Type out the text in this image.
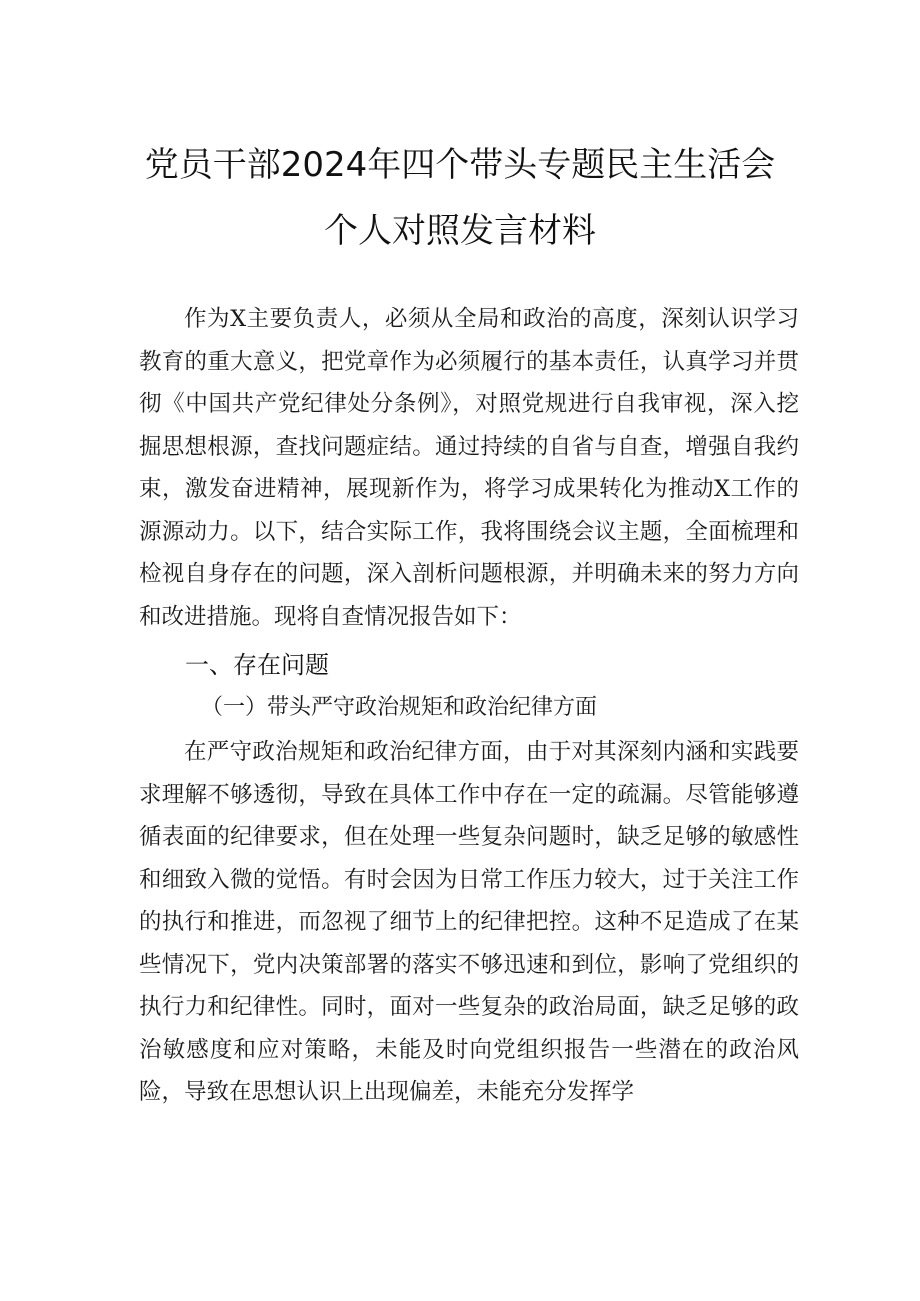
党员干部2024年四个带头专题民主生活会
个人对照发言材料
作为X主要负责人，必须从全局和政治的高度，深刻认识学习教育的重大意义，把党章作为必须履行的基本责任，认真学习并贯彻《中国共产党纪律处分条例》，对照党规进行自我审视，深入挖掘思想根源，查找问题症结。通过持续的自省与自查，增强自我约束，激发奋进精神，展现新作为，将学习成果转化为推动X工作的源源动力。以下，结合实际工作，我将围绕会议主题，全面梳理和检视自身存在的问题，深入剖析问题根源，并明确未来的努力方向和改进措施。现将自查情况报告如下：
一、存在问题
（一）带头严守政治规矩和政治纪律方面
在严守政治规矩和政治纪律方面，由于对其深刻内涵和实践要求理解不够透彻，导致在具体工作中存在一定的疏漏。尽管能够遵循表面的纪律要求，但在处理一些复杂问题时，缺乏足够的敏感性和细致入微的觉悟。有时会因为日常工作压力较大，过于关注工作的执行和推进，而忽视了细节上的纪律把控。这种不足造成了在某些情况下，党内决策部署的落实不够迅速和到位，影响了党组织的执行力和纪律性。同时，面对一些复杂的政治局面，缺乏足够的政治敏感度和应对策略，未能及时向党组织报告一些潜在的政治风险，导致在思想认识上出现偏差，未能充分发挥学
